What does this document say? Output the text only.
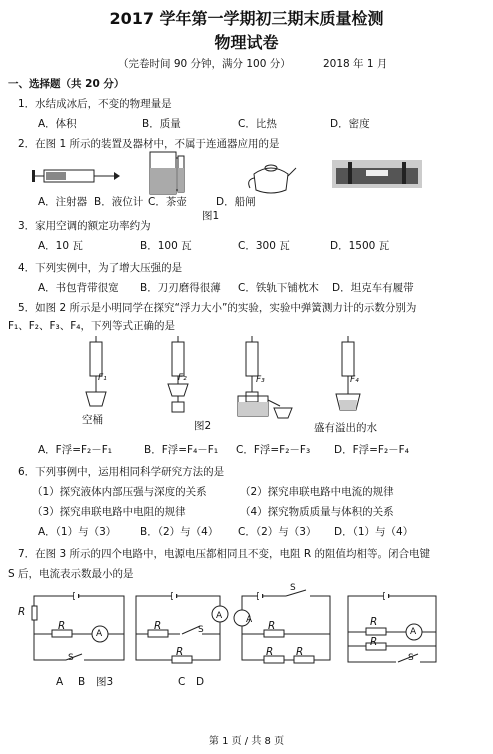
2017 学年第一学期初三期末质量检测
物理试卷
（完卷时间 90 分钟，满分 100 分）	2018 年 1 月
一、选择题（共 20 分）
1．水结成冰后，不变的物理量是
A．体积	B．质量	C．比热	D．密度
2．在图 1 所示的装置及器材中，不属于连通器应用的是
A．注射器 B．液位计 C．茶壶	D．船闸
图1
3．家用空调的额定功率约为
A．10 瓦	B．100 瓦	C．300 瓦	D．1500 瓦
4．下列实例中，为了增大压强的是
A．书包背带很宽 B．刀刃磨得很薄 C．铁轨下铺枕木 D．坦克车有履带
5．如图 2 所示是小明同学在探究“浮力大小”的实验，实验中弹簧测力计的示数分别为
F₁、F₂、F₃、F₄，下列等式正确的是
F₁	F₂	F₃	F₄
空桶	图2	盛有溢出的水
A．F浮=F₂－F₁	B．F浮=F₄－F₁ C．F浮=F₂－F₃ D．F浮=F₂－F₄
6．下列事例中，运用相同科学研究方法的是
（1）探究液体内部压强与深度的关系	（2）探究串联电路中电流的规律
（3）探究串联电路中电阻的规律	（4）探究物质质量与体积的关系
A．（1）与（3） B．（2）与（4） C．（2）与（3） D．（1）与（4）
7．在图 3 所示的四个电路中，电源电压都相同且不变，电阻 R 的阻值均相等。闭合电键
S 后，电流表示数最小的是
R
R
A
S
R
R
A
S
S
A R
R R
R
A
R
S
A B 图3	C D
第 1 页 / 共 8 页
